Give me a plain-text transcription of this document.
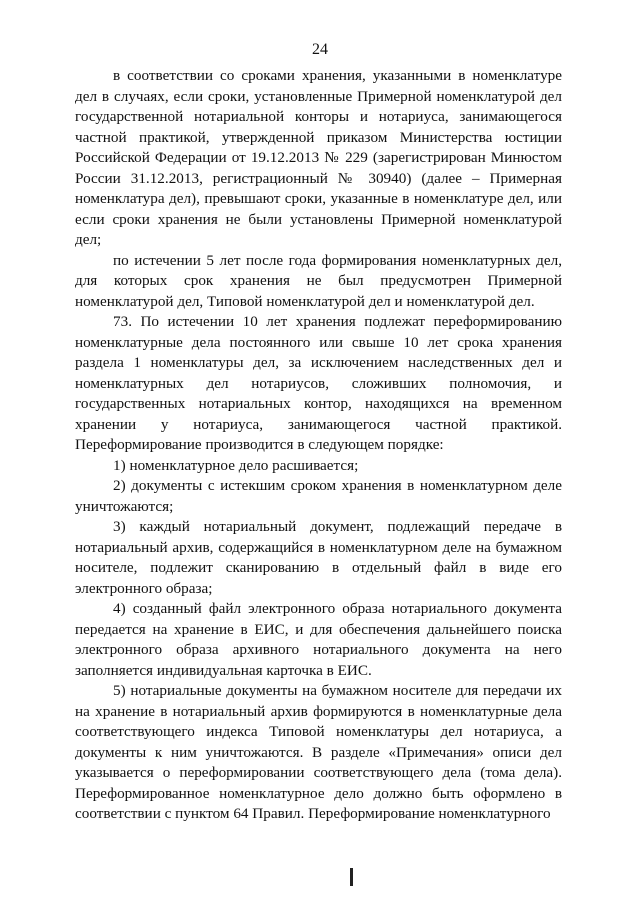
24

в соответствии со сроками хранения, указанными в номенклатуре дел в случаях, если сроки, установленные Примерной номенклатурой дел государственной нотариальной конторы и нотариуса, занимающегося частной практикой, утвержденной приказом Министерства юстиции Российской Федерации от 19.12.2013 № 229 (зарегистрирован Минюстом России 31.12.2013, регистрационный № 30940) (далее – Примерная номенклатура дел), превышают сроки, указанные в номенклатуре дел, или если сроки хранения не были установлены Примерной номенклатурой дел;

по истечении 5 лет после года формирования номенклатурных дел, для которых срок хранения не был предусмотрен Примерной номенклатурой дел, Типовой номенклатурой дел и номенклатурой дел.

73. По истечении 10 лет хранения подлежат переформированию номенклатурные дела постоянного или свыше 10 лет срока хранения раздела 1 номенклатуры дел, за исключением наследственных дел и номенклатурных дел нотариусов, сложивших полномочия, и государственных нотариальных контор, находящихся на временном хранении у нотариуса, занимающегося частной практикой. Переформирование производится в следующем порядке:

1) номенклатурное дело расшивается;

2) документы с истекшим сроком хранения в номенклатурном деле уничтожаются;

3) каждый нотариальный документ, подлежащий передаче в нотариальный архив, содержащийся в номенклатурном деле на бумажном носителе, подлежит сканированию в отдельный файл в виде его электронного образа;

4) созданный файл электронного образа нотариального документа передается на хранение в ЕИС, и для обеспечения дальнейшего поиска электронного образа архивного нотариального документа на него заполняется индивидуальная карточка в ЕИС.

5) нотариальные документы на бумажном носителе для передачи их на хранение в нотариальный архив формируются в номенклатурные дела соответствующего индекса Типовой номенклатуры дел нотариуса, а документы к ним уничтожаются. В разделе «Примечания» описи дел указывается о переформировании соответствующего дела (тома дела). Переформированное номенклатурное дело должно быть оформлено в соответствии с пунктом 64 Правил. Переформирование номенклатурного
